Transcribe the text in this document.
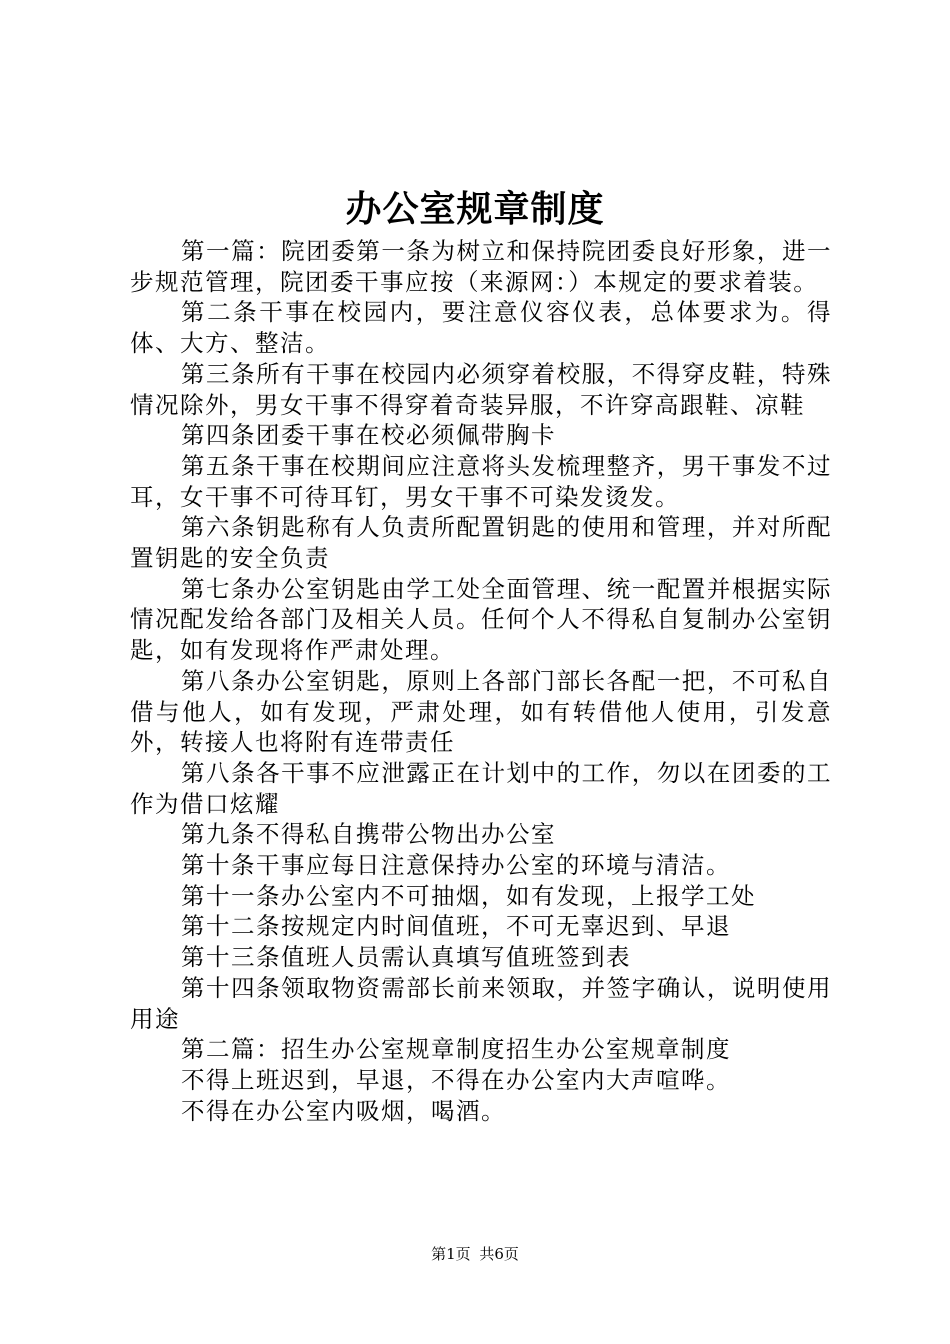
办公室规章制度

第一篇：院团委第一条为树立和保持院团委良好形象，进一步规范管理，院团委干事应按（来源网：）本规定的要求着装。

第二条干事在校园内，要注意仪容仪表，总体要求为。得体、大方、整洁。

第三条所有干事在校园内必须穿着校服，不得穿皮鞋，特殊情况除外，男女干事不得穿着奇装异服，不许穿高跟鞋、凉鞋

第四条团委干事在校必须佩带胸卡

第五条干事在校期间应注意将头发梳理整齐，男干事发不过耳，女干事不可待耳钉，男女干事不可染发烫发。

第六条钥匙称有人负责所配置钥匙的使用和管理，并对所配置钥匙的安全负责

第七条办公室钥匙由学工处全面管理、统一配置并根据实际情况配发给各部门及相关人员。任何个人不得私自复制办公室钥匙，如有发现将作严肃处理。

第八条办公室钥匙，原则上各部门部长各配一把，不可私自借与他人，如有发现，严肃处理，如有转借他人使用，引发意外，转接人也将附有连带责任

第八条各干事不应泄露正在计划中的工作，勿以在团委的工作为借口炫耀

第九条不得私自携带公物出办公室

第十条干事应每日注意保持办公室的环境与清洁。

第十一条办公室内不可抽烟，如有发现，上报学工处

第十二条按规定内时间值班，不可无辜迟到、早退

第十三条值班人员需认真填写值班签到表

第十四条领取物资需部长前来领取，并签字确认，说明使用用途

第二篇：招生办公室规章制度招生办公室规章制度

不得上班迟到，早退，不得在办公室内大声喧哗。

不得在办公室内吸烟，喝酒。

第1页 共6页
